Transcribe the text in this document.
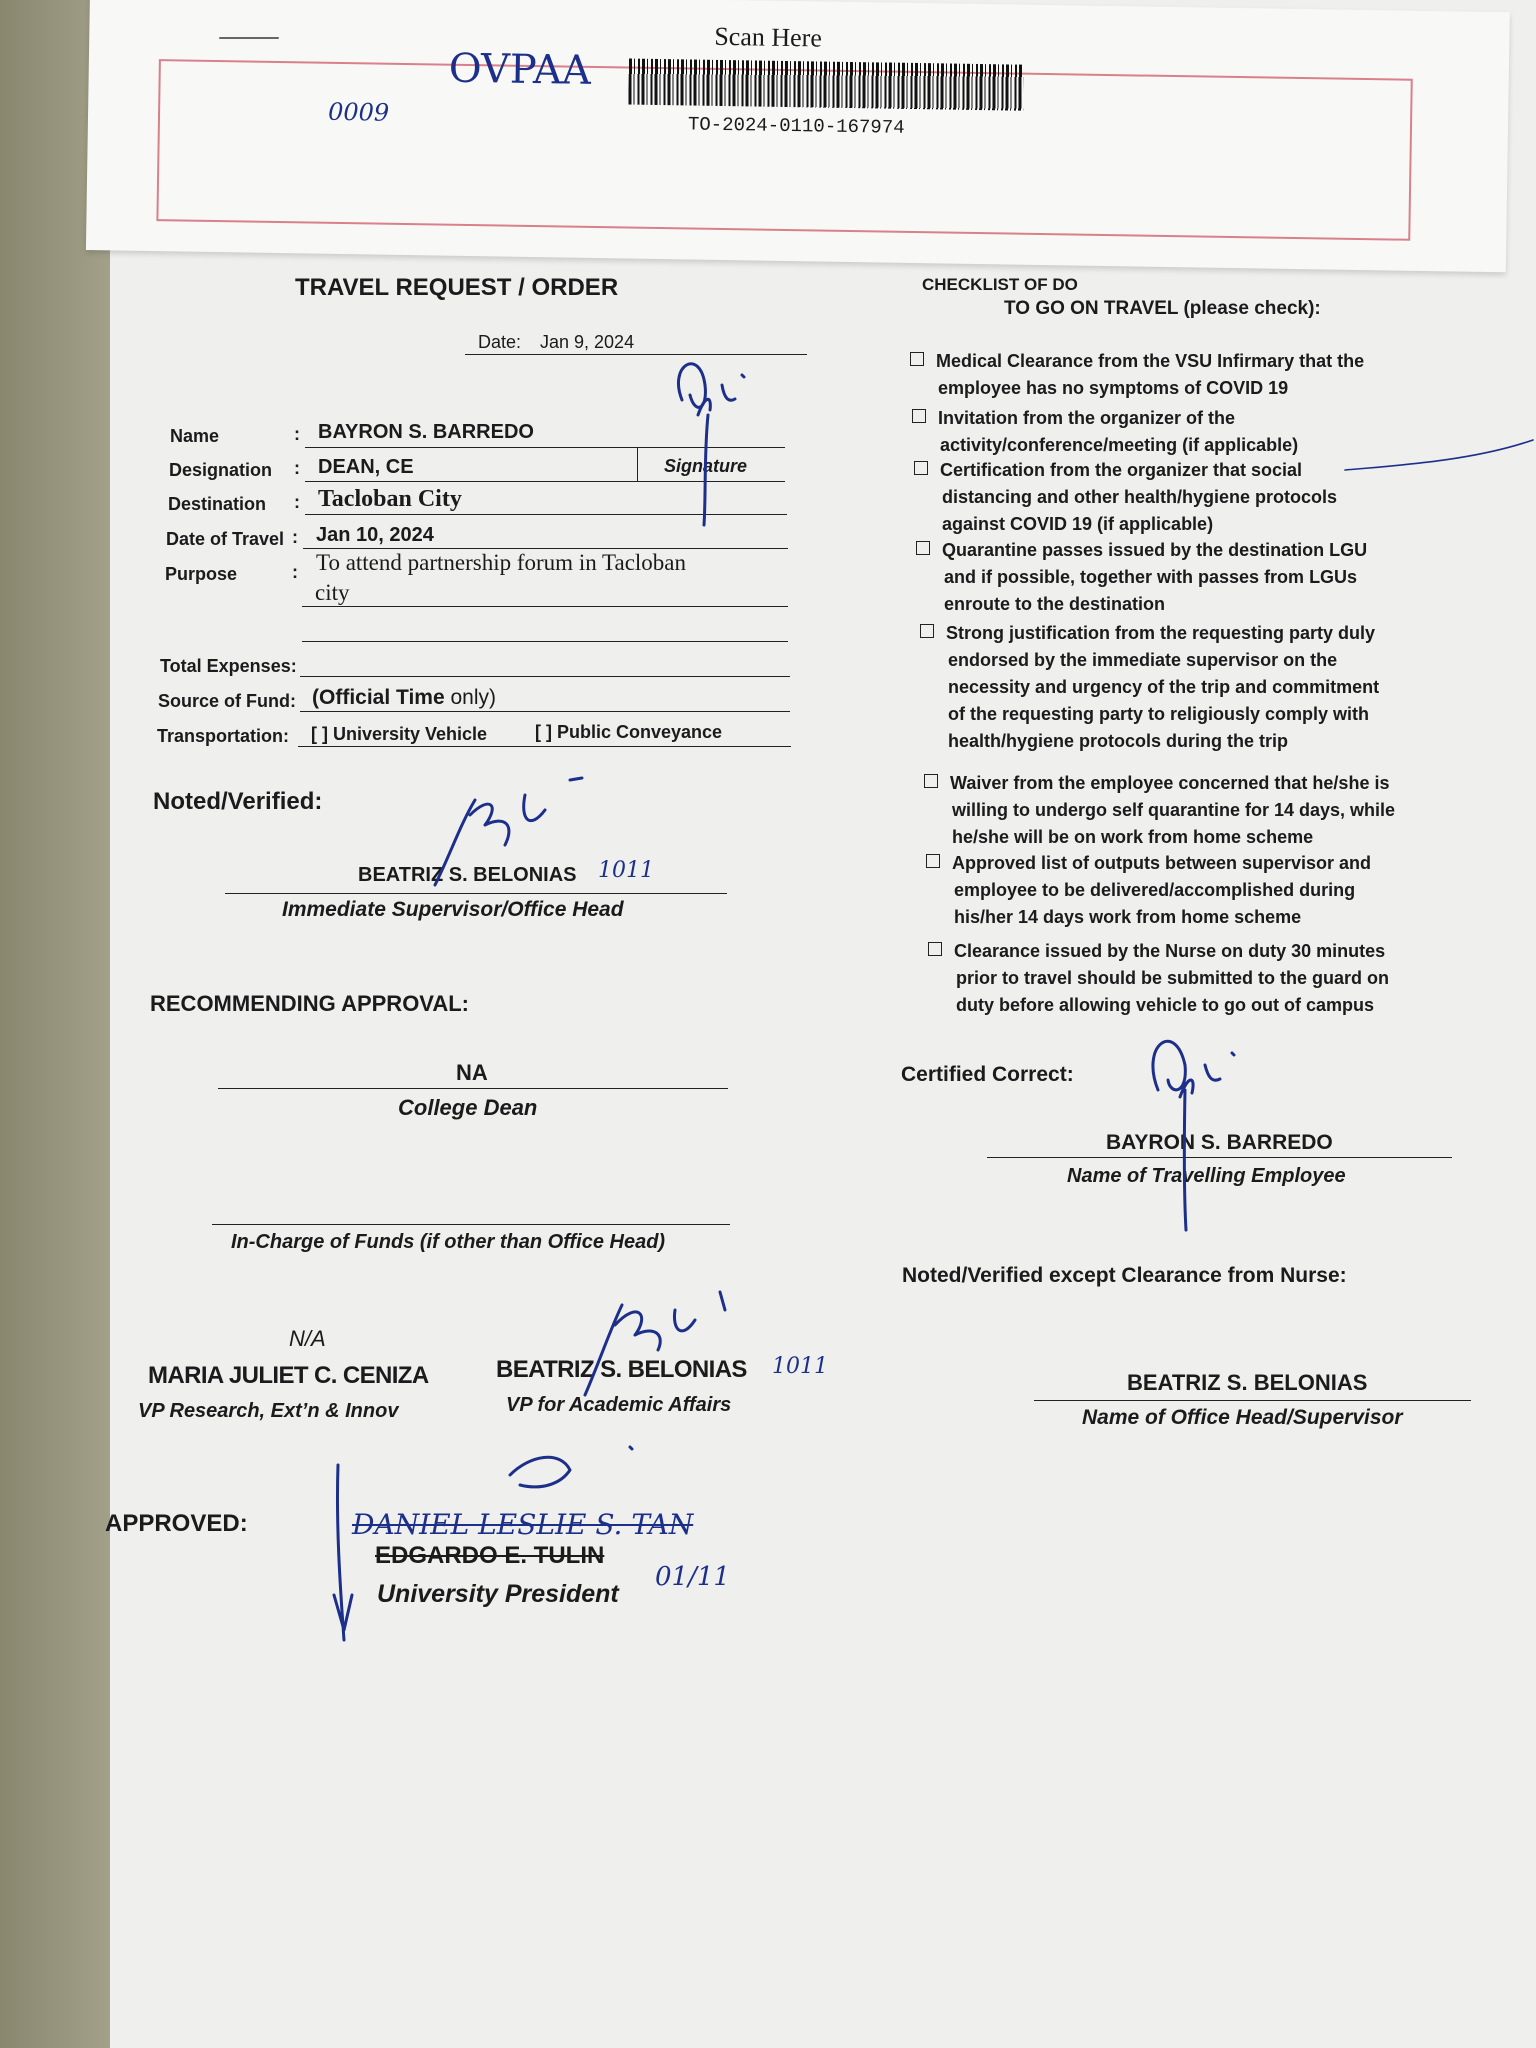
Scan Here
TO-2024-0110-167974
0009
OVPAA
TRAVEL REQUEST / ORDER
Date: Jan 9, 2024
Name	: BAYRON S. BARREDO
Designation : DEAN, CE	Signature
Destination : Tacloban City
Date of Travel : Jan 10, 2024
Purpose	: To attend partnership forum in Tacloban
city
Total Expenses:
Source of Fund: (Official Time only)
Transportation: [ ] University Vehicle	[ ] Public Conveyance
Noted/Verified:
BEATRIZ S. BELONIAS 1011
Immediate Supervisor/Office Head
RECOMMENDING APPROVAL:
NA
College Dean
In-Charge of Funds (if other than Office Head)
N/A
MARIA JULIET C. CENIZA
VP Research, Ext’n & Innov
BEATRIZ S. BELONIAS 1011
VP for Academic Affairs
APPROVED:	DANIEL LESLIE S. TAN
EDGARDO E. TULIN
University President
01/11
CHECKLIST OF DO
TO GO ON TRAVEL (please check):
Medical Clearance from the VSU Infirmary that the
employee has no symptoms of COVID 19
Invitation from the organizer of the
activity/conference/meeting (if applicable)
Certification from the organizer that social
distancing and other health/hygiene protocols
against COVID 19 (if applicable)
Quarantine passes issued by the destination LGU
and if possible, together with passes from LGUs
enroute to the destination
Strong justification from the requesting party duly
endorsed by the immediate supervisor on the
necessity and urgency of the trip and commitment
of the requesting party to religiously comply with
health/hygiene protocols during the trip
Waiver from the employee concerned that he/she is
willing to undergo self quarantine for 14 days, while
he/she will be on work from home scheme
Approved list of outputs between supervisor and
employee to be delivered/accomplished during
his/her 14 days work from home scheme
Clearance issued by the Nurse on duty 30 minutes
prior to travel should be submitted to the guard on
duty before allowing vehicle to go out of campus
Certified Correct:
BAYRON S. BARREDO
Name of Travelling Employee
Noted/Verified except Clearance from Nurse:
BEATRIZ S. BELONIAS
Name of Office Head/Supervisor
